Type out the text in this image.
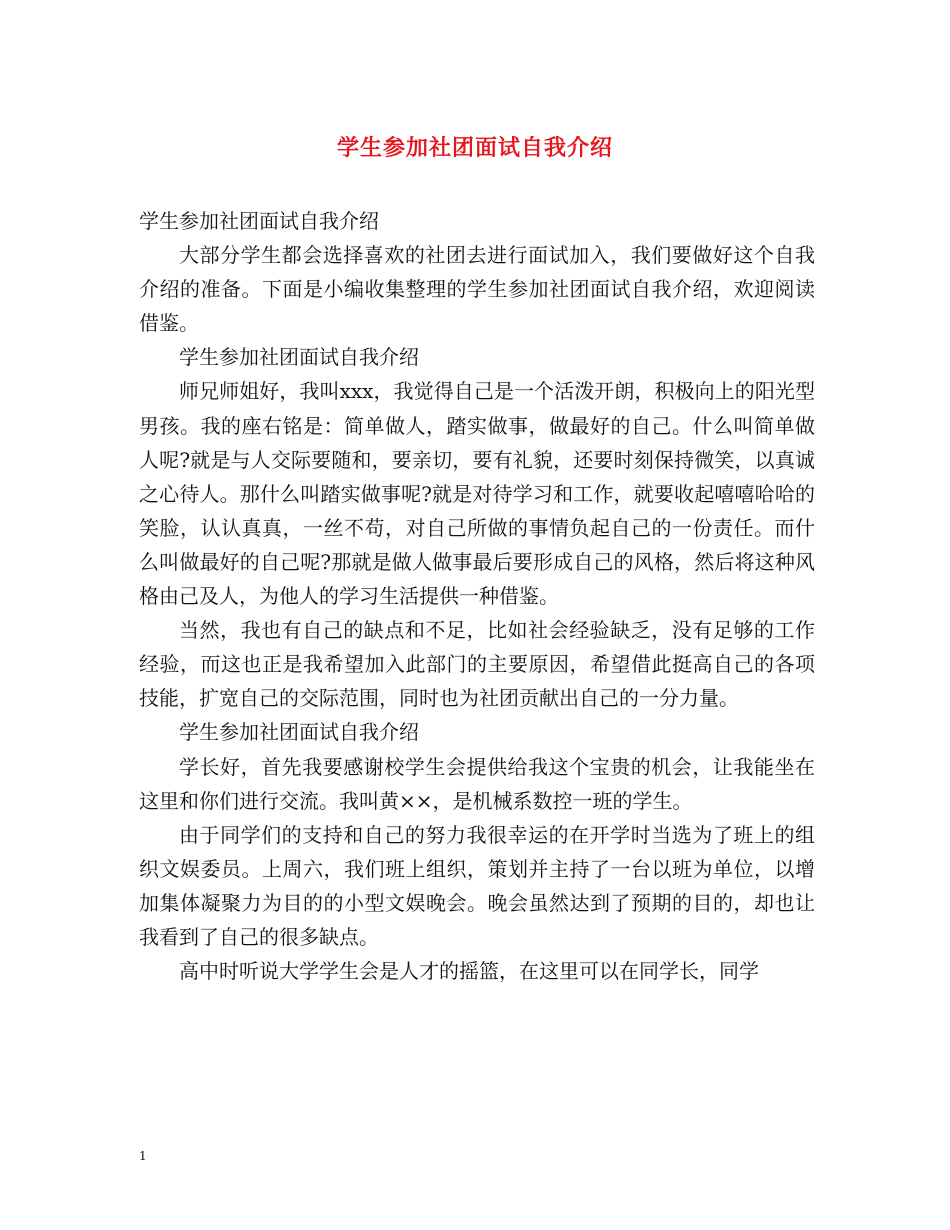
学生参加社团面试自我介绍

学生参加社团面试自我介绍

大部分学生都会选择喜欢的社团去进行面试加入，我们要做好这个自我介绍的准备。下面是小编收集整理的学生参加社团面试自我介绍，欢迎阅读借鉴。

学生参加社团面试自我介绍

师兄师姐好，我叫xxx，我觉得自己是一个活泼开朗，积极向上的阳光型男孩。我的座右铭是：简单做人，踏实做事，做最好的自己。什么叫简单做人呢?就是与人交际要随和，要亲切，要有礼貌，还要时刻保持微笑，以真诚之心待人。那什么叫踏实做事呢?就是对待学习和工作，就要收起嘻嘻哈哈的笑脸，认认真真，一丝不苟，对自己所做的事情负起自己的一份责任。而什么叫做最好的自己呢?那就是做人做事最后要形成自己的风格，然后将这种风格由己及人，为他人的学习生活提供一种借鉴。

当然，我也有自己的缺点和不足，比如社会经验缺乏，没有足够的工作经验，而这也正是我希望加入此部门的主要原因，希望借此挺高自己的各项技能，扩宽自己的交际范围，同时也为社团贡献出自己的一分力量。

学生参加社团面试自我介绍

学长好，首先我要感谢校学生会提供给我这个宝贵的机会，让我能坐在这里和你们进行交流。我叫黄××，是机械系数控一班的学生。

由于同学们的支持和自己的努力我很幸运的在开学时当选为了班上的组织文娱委员。上周六，我们班上组织，策划并主持了一台以班为单位，以增加集体凝聚力为目的的小型文娱晚会。晚会虽然达到了预期的目的，却也让我看到了自己的很多缺点。

高中时听说大学学生会是人才的摇篮，在这里可以在同学长，同学

1
